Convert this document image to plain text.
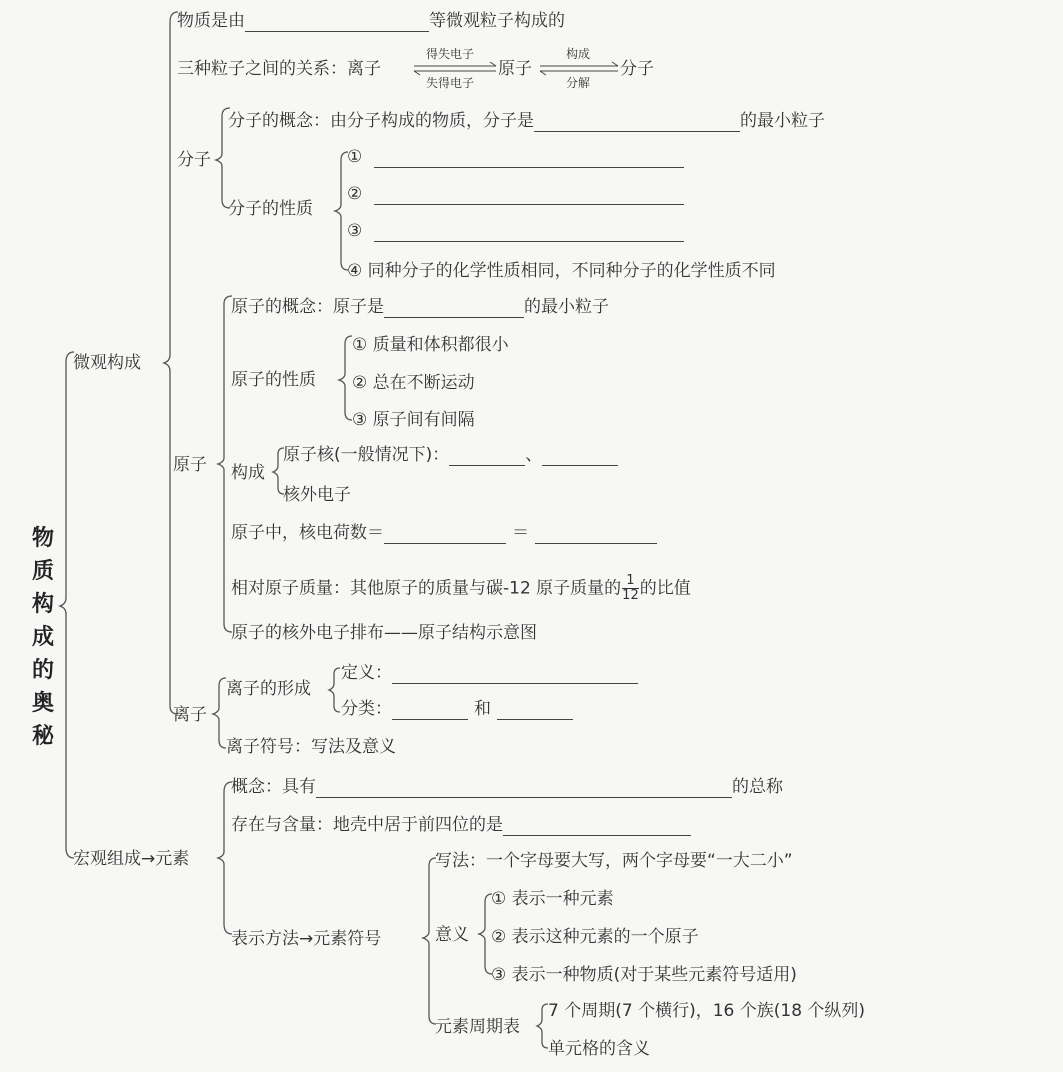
物质构成的奥秘
微观构成
物质是由	等微观粒子构成的
三种粒子之间的关系：离子
得失电子
失得电子
原子
构成
分解
分子
分子
分子的概念：由分子构成的物质，分子是	的最小粒子
分子的性质
①
②
③
④ 同种分子的化学性质相同，不同种分子的化学性质不同
原子
原子的概念：原子是	的最小粒子
原子的性质
① 质量和体积都很小
② 总在不断运动
③ 原子间有间隔
构成
原子核(一般情况下)：	、
核外电子
原子中，核电荷数＝	＝
相对原子质量：其他原子的质量与碳-12 原子质量的 $\frac{1}{12}$ 的比值
原子的核外电子排布——原子结构示意图
离子
离子的形成
定义：
分类：	和
离子符号：写法及意义
宏观组成→元素
概念：具有	的总称
存在与含量：地壳中居于前四位的是
表示方法→元素符号
写法：一个字母要大写，两个字母要“一大二小”
意义
① 表示一种元素
② 表示这种元素的一个原子
③ 表示一种物质(对于某些元素符号适用)
元素周期表
7 个周期(7 个横行)，16 个族(18 个纵列)
单元格的含义
